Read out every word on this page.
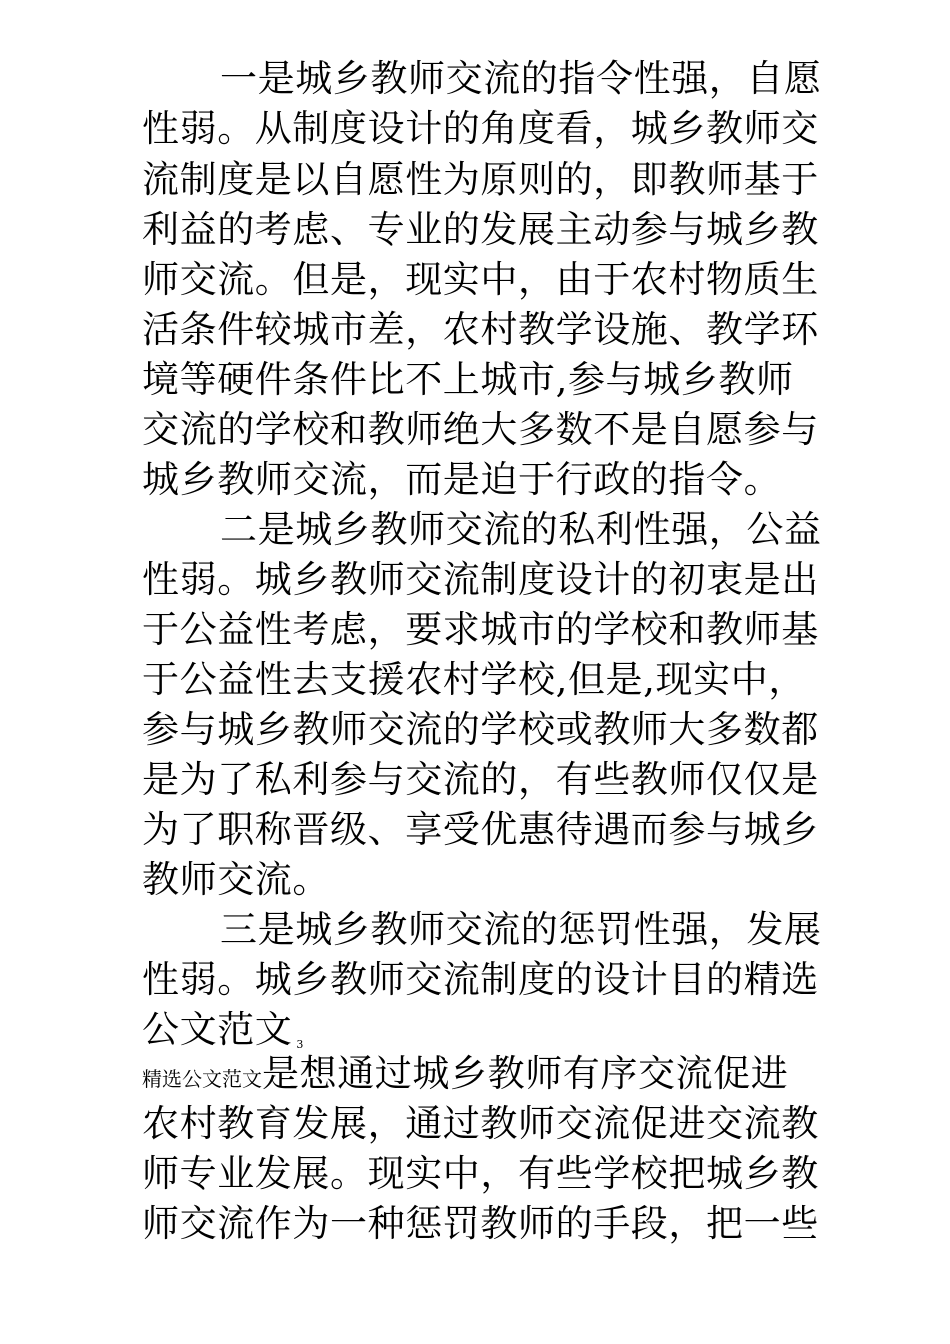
一是城乡教师交流的指令性强，自愿
性弱。从制度设计的角度看，城乡教师交
流制度是以自愿性为原则的，即教师基于
利益的考虑、专业的发展主动参与城乡教
师交流。但是，现实中，由于农村物质生
活条件较城市差，农村教学设施、教学环
境等硬件条件比不上城市,参与城乡教师
交流的学校和教师绝大多数不是自愿参与
城乡教师交流，而是迫于行政的指令。
二是城乡教师交流的私利性强，公益
性弱。城乡教师交流制度设计的初衷是出
于公益性考虑，要求城市的学校和教师基
于公益性去支援农村学校,但是,现实中，
参与城乡教师交流的学校或教师大多数都
是为了私利参与交流的，有些教师仅仅是
为了职称晋级、享受优惠待遇而参与城乡
教师交流。
三是城乡教师交流的惩罚性强，发展
性弱。城乡教师交流制度的设计目的精选
公文范文 3
精选公文范文是想通过城乡教师有序交流促进
农村教育发展，通过教师交流促进交流教
师专业发展。现实中，有些学校把城乡教
师交流作为一种惩罚教师的手段，把一些
